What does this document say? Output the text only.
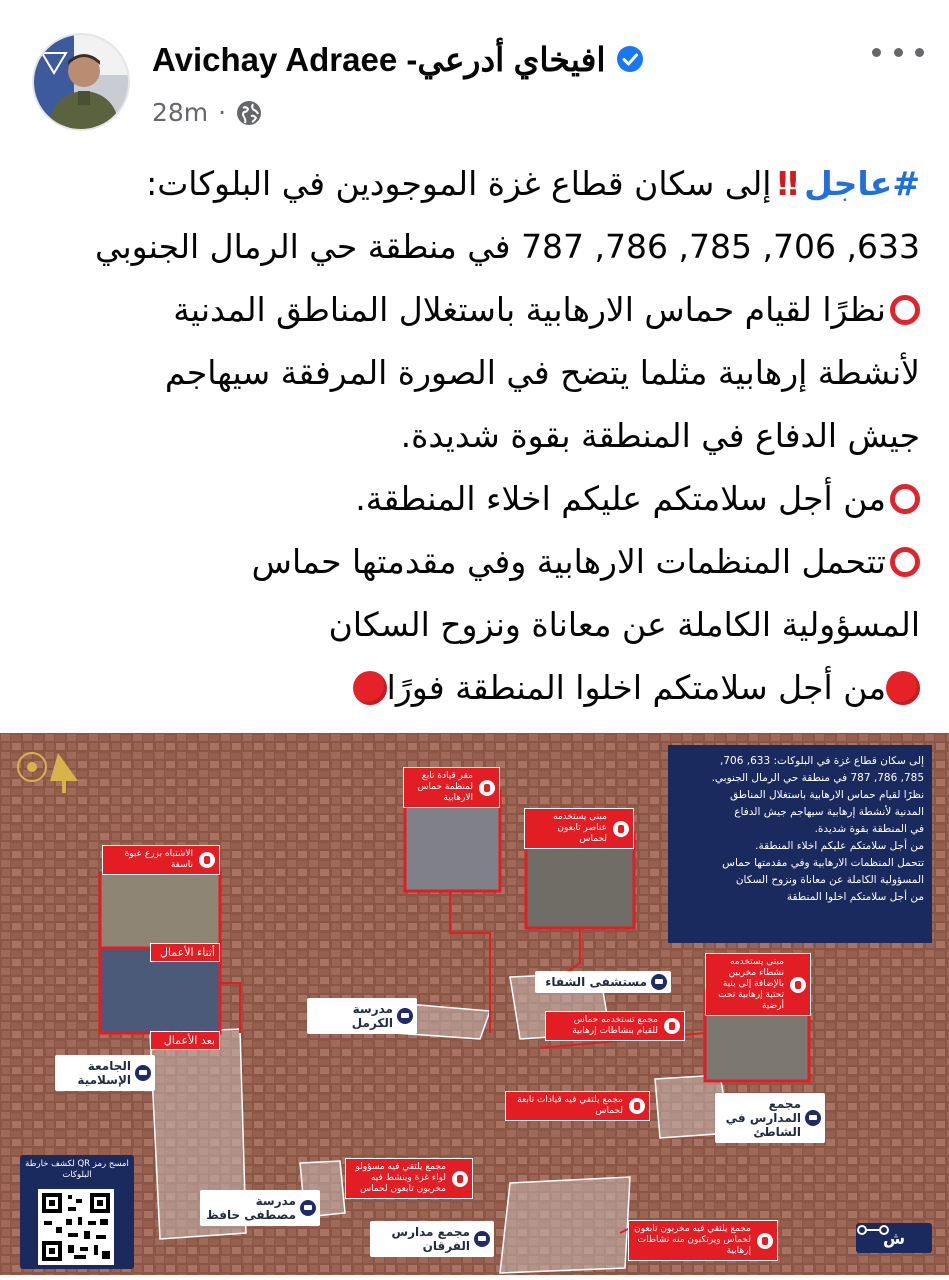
Avichay Adraee -افيخاي أدرعي
28m ·
#عاجل‼إلى سكان قطاع غزة الموجودين في البلوكات:
633, 706, 785, 786, 787 في منطقة حي الرمال الجنوبي
نظرًا لقيام حماس الارهابية باستغلال المناطق المدنية
لأنشطة إرهابية مثلما يتضح في الصورة المرفقة سيهاجم
جيش الدفاع في المنطقة بقوة شديدة.
من أجل سلامتكم عليكم اخلاء المنطقة.
تتحمل المنظمات الارهابية وفي مقدمتها حماس
المسؤولية الكاملة عن معاناة ونزوح السكان
من أجل سلامتكم اخلوا المنطقة فورًا
إلى سكان قطاع غزة في البلوكات: 633, 706,
785, 786, 787 في منطقة حي الرمال الجنوبي.
نظرًا لقيام حماس الارهابية باستغلال المناطق
المدنية لأنشطة إرهابية سيهاجم جيش الدفاع
في المنطقة بقوة شديدة.
من أجل سلامتكم عليكم اخلاء المنطقة.
تتحمل المنظمات الارهابية وفي مقدمتها حماس
المسؤولية الكاملة عن معاناة ونزوح السكان
من أجل سلامتكم اخلوا المنطقة
مقر قيادة تابع لمنظمة حماس الارهابية
مبنى يستخدمه عناصر تابعون لحماس
الاشتباه بزرع عبوة ناسفة
أثناء الأعمال
بعد الأعمال
مبنى يستخدمه نشطاء مخربين بالإضافة إلى بنية تحتية إرهابية تحت أرضية
مجمع تستخدمه حماس للقيام بنشاطات إرهابية
مجمع يلتقي فيه قيادات تابعة لحماس
مجمع يلتقي فيه مسؤولو لواء غزة وينشط فيه مخربون تابعون لحماس
مجمع يلتقي فيه مخربون تابعون لحماس ويرتكبون منه نشاطات إرهابية
مستشفى الشفاء
مدرسة الكرمل
الجامعة الإسلامية
مجمع المدارس في الشاطئ
مدرسة مصطفى حافظ
مجمع مدارس الفرقان
امسح رمز QR لكشف خارطة البلوكات
ش
